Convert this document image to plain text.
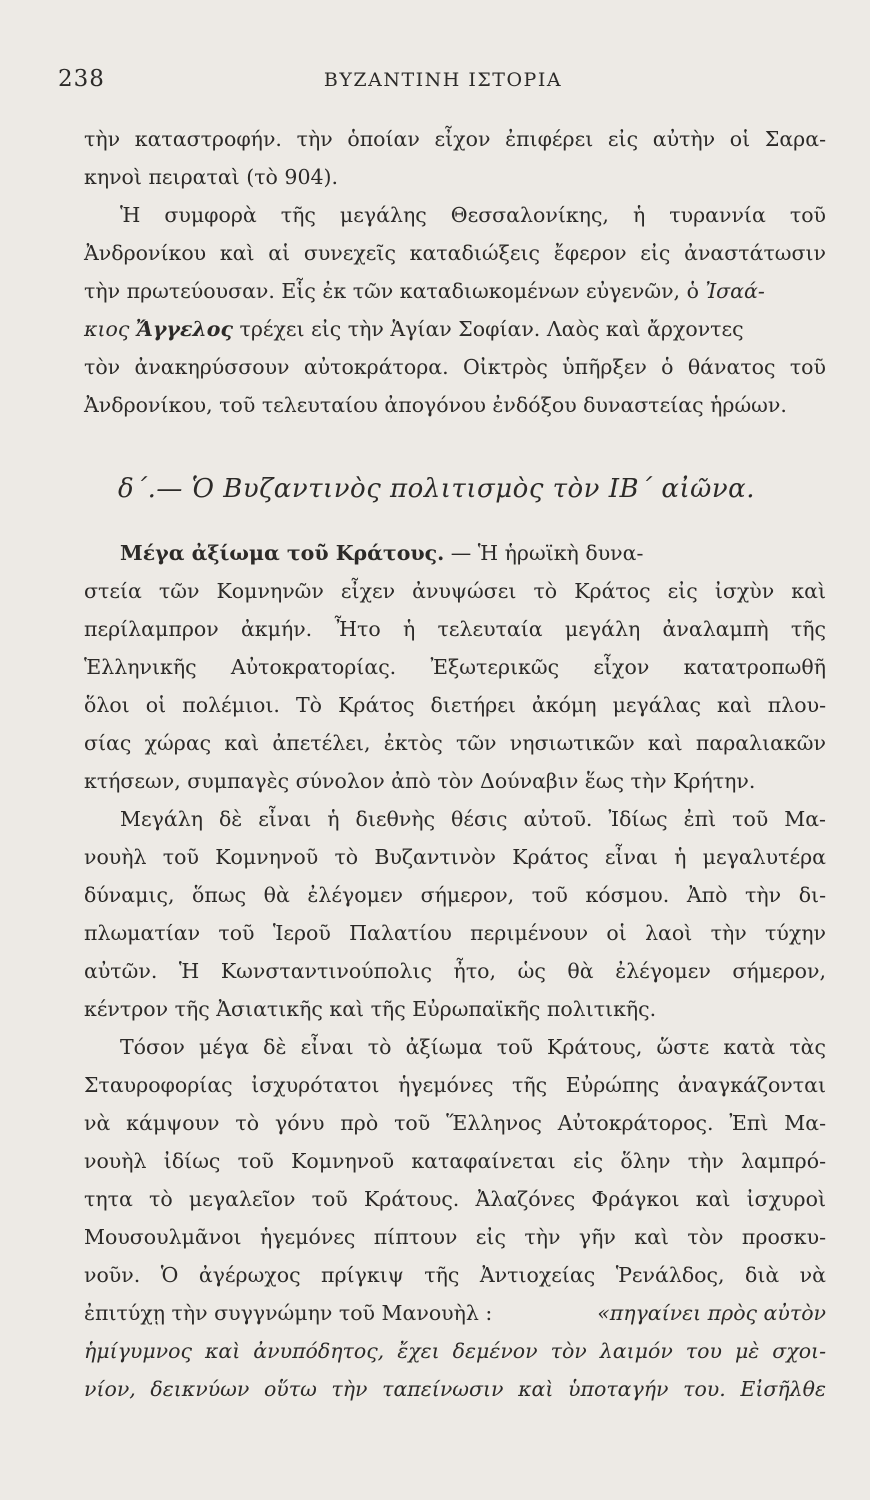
238	ΒΥΖΑΝΤΙΝΗ ΙΣΤΟΡΙΑ
τὴν καταστροφήν. τὴν ὁποίαν εἶχον ἐπιφέρει εἰς αὐτὴν οἱ Σαρα-
κηνοὶ πειραταὶ (τὸ 904).
Ἡ συμφορὰ τῆς μεγάλης Θεσσαλονίκης, ἡ τυραννία τοῦ
Ἀνδρονίκου καὶ αἱ συνεχεῖς καταδιώξεις ἔφερον εἰς ἀναστάτωσιν
τὴν πρωτεύουσαν. Εἷς ἐκ τῶν καταδιωκομένων εὐγενῶν, ὁ Ἰσαά-
κιος Ἄγγελος τρέχει εἰς τὴν Ἁγίαν Σοφίαν. Λαὸς καὶ ἄρχοντες
τὸν ἀνακηρύσσουν αὐτοκράτορα. Οἰκτρὸς ὑπῆρξεν ὁ θάνατος τοῦ
Ἀνδρονίκου, τοῦ τελευταίου ἀπογόνου ἐνδόξου δυναστείας ἡρώων.
δ΄.— Ὁ Βυζαντινὸς πολιτισμὸς τὸν ΙΒ΄ αἰῶνα.
Μέγα ἀξίωμα τοῦ Κράτους. — Ἡ ἡρωϊκὴ δυνα-
στεία τῶν Κομνηνῶν εἶχεν ἀνυψώσει τὸ Κράτος εἰς ἰσχὺν καὶ
περίλαμπρον ἀκμήν. Ἦτο ἡ τελευταία μεγάλη ἀναλαμπὴ τῆς
Ἑλληνικῆς Αὐτοκρατορίας. Ἐξωτερικῶς εἶχον κατατροπωθῆ
ὅλοι οἱ πολέμιοι. Τὸ Κράτος διετήρει ἀκόμη μεγάλας καὶ πλου-
σίας χώρας καὶ ἀπετέλει, ἐκτὸς τῶν νησιωτικῶν καὶ παραλιακῶν
κτήσεων, συμπαγὲς σύνολον ἀπὸ τὸν Δούναβιν ἕως τὴν Κρήτην.
Μεγάλη δὲ εἶναι ἡ διεθνὴς θέσις αὐτοῦ. Ἰδίως ἐπὶ τοῦ Μα-
νουὴλ τοῦ Κομνηνοῦ τὸ Βυζαντινὸν Κράτος εἶναι ἡ μεγαλυτέρα
δύναμις, ὅπως θὰ ἐλέγομεν σήμερον, τοῦ κόσμου. Ἀπὸ τὴν δι-
πλωματίαν τοῦ Ἱεροῦ Παλατίου περιμένουν οἱ λαοὶ τὴν τύχην
αὐτῶν. Ἡ Κωνσταντινούπολις ἦτο, ὡς θὰ ἐλέγομεν σήμερον,
κέντρον τῆς Ἀσιατικῆς καὶ τῆς Εὐρωπαϊκῆς πολιτικῆς.
Τόσον μέγα δὲ εἶναι τὸ ἀξίωμα τοῦ Κράτους, ὥστε κατὰ τὰς
Σταυροφορίας ἰσχυρότατοι ἡγεμόνες τῆς Εὐρώπης ἀναγκάζονται
νὰ κάμψουν τὸ γόνυ πρὸ τοῦ Ἕλληνος Αὐτοκράτορος. Ἐπὶ Μα-
νουὴλ ἰδίως τοῦ Κομνηνοῦ καταφαίνεται εἰς ὅλην τὴν λαμπρό-
τητα τὸ μεγαλεῖον τοῦ Κράτους. Ἀλαζόνες Φράγκοι καὶ ἰσχυροὶ
Μουσουλμᾶνοι ἡγεμόνες πίπτουν εἰς τὴν γῆν καὶ τὸν προσκυ-
νοῦν. Ὁ ἀγέρωχος πρίγκιψ τῆς Ἀντιοχείας Ῥενάλδος, διὰ νὰ
ἐπιτύχῃ τὴν συγγνώμην τοῦ Μανουὴλ :	«πηγαίνει πρὸς αὐτὸν
ἡμίγυμνος καὶ ἀνυπόδητος, ἔχει δεμένον τὸν λαιμόν του μὲ σχοι-
νίον, δεικνύων οὕτω τὴν ταπείνωσιν καὶ ὑποταγήν του. Εἰσῆλθε
